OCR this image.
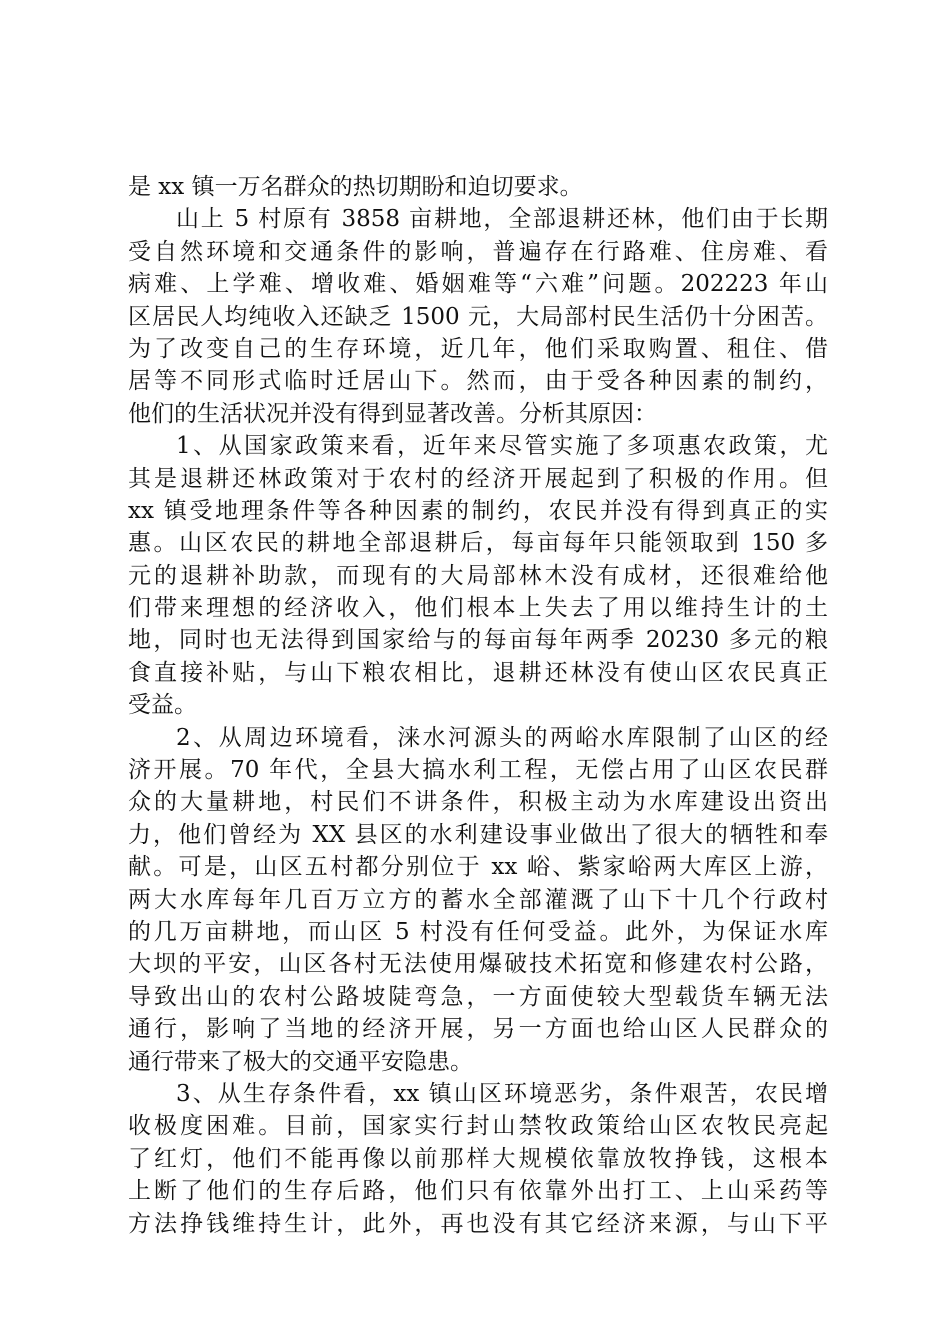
是 xx 镇一万名群众的热切期盼和迫切要求。
山上 5 村原有 3858 亩耕地，全部退耕还林，他们由于长期
受自然环境和交通条件的影响，普遍存在行路难、住房难、看
病难、上学难、增收难、婚姻难等“六难”问题。202223 年山
区居民人均纯收入还缺乏 1500 元，大局部村民生活仍十分困苦。
为了改变自己的生存环境，近几年，他们采取购置、租住、借
居等不同形式临时迁居山下。然而，由于受各种因素的制约，
他们的生活状况并没有得到显著改善。分析其原因：
1、从国家政策来看，近年来尽管实施了多项惠农政策，尤
其是退耕还林政策对于农村的经济开展起到了积极的作用。但
xx 镇受地理条件等各种因素的制约，农民并没有得到真正的实
惠。山区农民的耕地全部退耕后，每亩每年只能领取到 150 多
元的退耕补助款，而现有的大局部林木没有成材，还很难给他
们带来理想的经济收入，他们根本上失去了用以维持生计的土
地，同时也无法得到国家给与的每亩每年两季 20230 多元的粮
食直接补贴，与山下粮农相比，退耕还林没有使山区农民真正
受益。
2、从周边环境看，涞水河源头的两峪水库限制了山区的经
济开展。70 年代，全县大搞水利工程，无偿占用了山区农民群
众的大量耕地，村民们不讲条件，积极主动为水库建设出资出
力，他们曾经为 XX 县区的水利建设事业做出了很大的牺牲和奉
献。可是，山区五村都分别位于 xx 峪、紫家峪两大库区上游，
两大水库每年几百万立方的蓄水全部灌溉了山下十几个行政村
的几万亩耕地，而山区 5 村没有任何受益。此外，为保证水库
大坝的平安，山区各村无法使用爆破技术拓宽和修建农村公路，
导致出山的农村公路坡陡弯急，一方面使较大型载货车辆无法
通行，影响了当地的经济开展，另一方面也给山区人民群众的
通行带来了极大的交通平安隐患。
3、从生存条件看，xx 镇山区环境恶劣，条件艰苦，农民增
收极度困难。目前，国家实行封山禁牧政策给山区农牧民亮起
了红灯，他们不能再像以前那样大规模依靠放牧挣钱，这根本
上断了他们的生存后路，他们只有依靠外出打工、上山采药等
方法挣钱维持生计，此外，再也没有其它经济来源，与山下平
